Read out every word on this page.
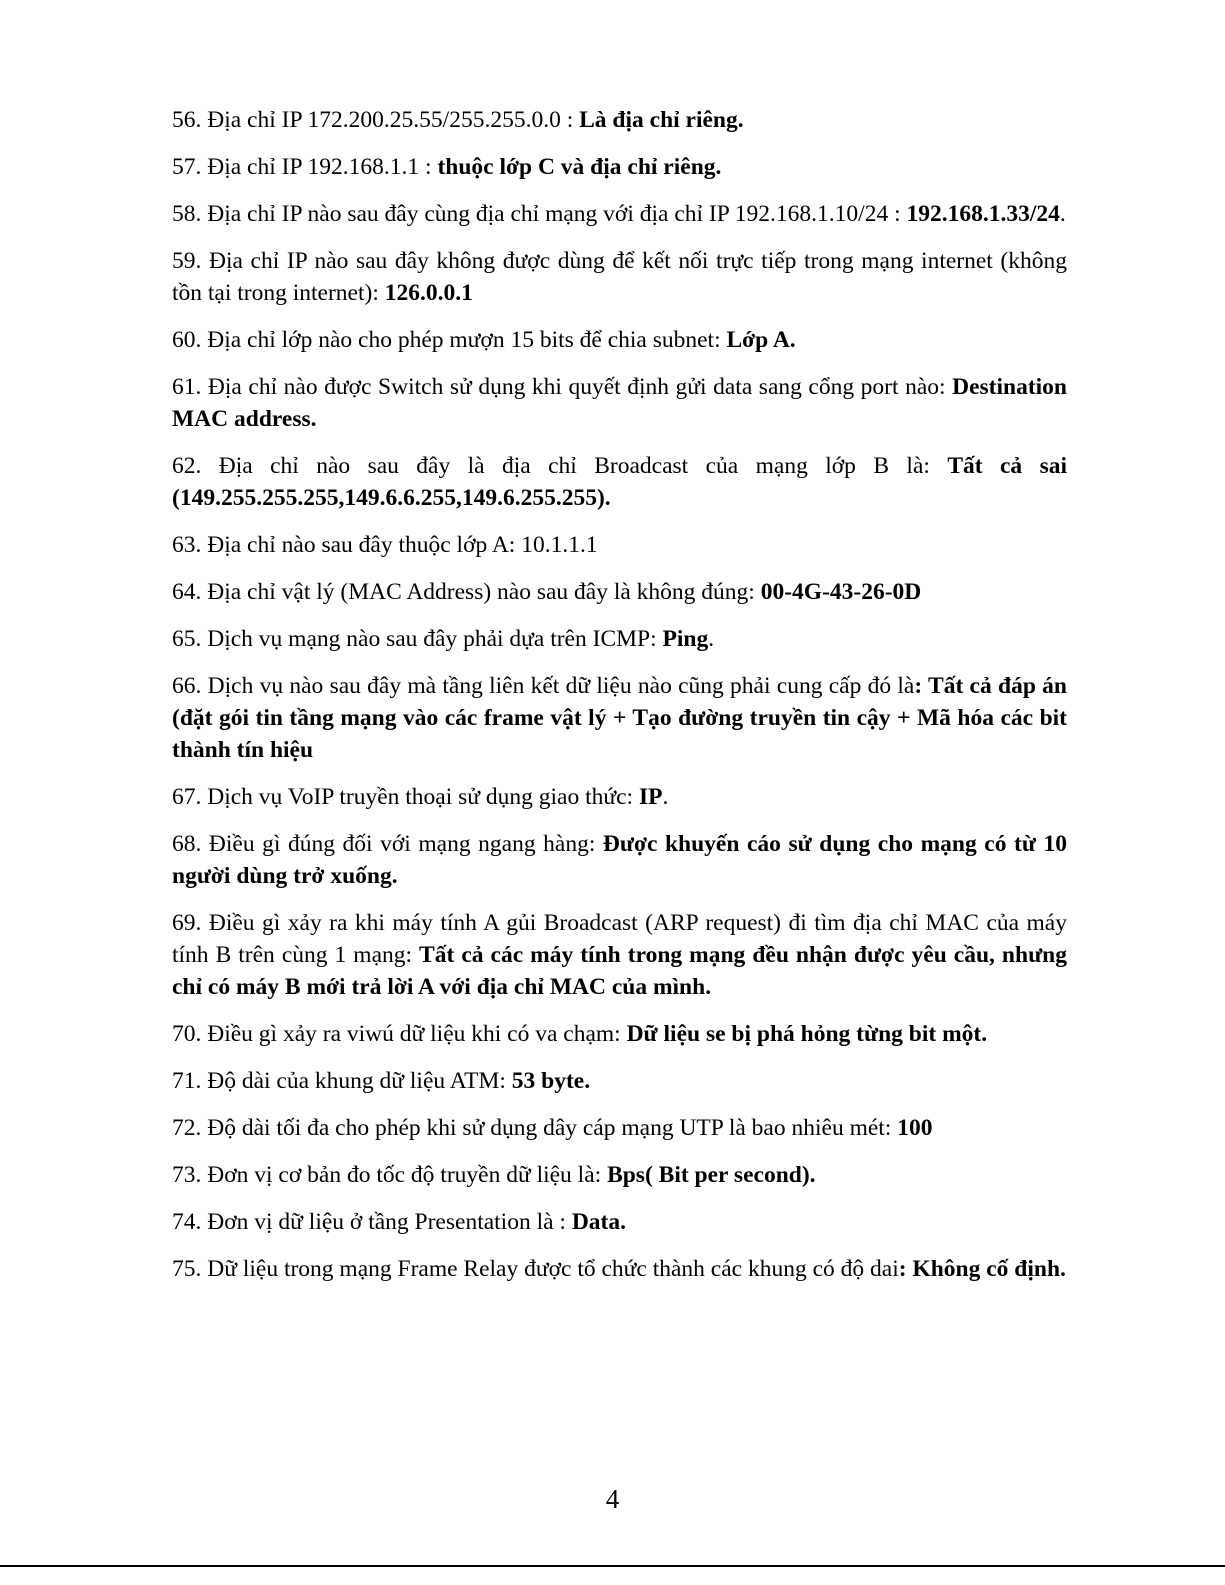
56. Địa chỉ IP 172.200.25.55/255.255.0.0 : Là địa chỉ riêng.

57. Địa chỉ IP 192.168.1.1 : thuộc lớp C và địa chỉ riêng.

58. Địa chỉ IP nào sau đây cùng địa chỉ mạng với địa chỉ IP 192.168.1.10/24 : 192.168.1.33/24.

59. Địa chỉ IP nào sau đây không được dùng để kết nối trực tiếp trong mạng internet (không tồn tại trong internet): 126.0.0.1

60. Địa chỉ lớp nào cho phép mượn 15 bits để chia subnet: Lớp A.

61. Địa chỉ nào được Switch sử dụng khi quyết định gửi data sang cổng port nào: Destination MAC address.

62. Địa chỉ nào sau đây là địa chỉ Broadcast của mạng lớp B là: Tất cả sai (149.255.255.255,149.6.6.255,149.6.255.255).

63. Địa chỉ nào sau đây thuộc lớp A: 10.1.1.1

64. Địa chỉ vật lý (MAC Address) nào sau đây là không đúng: 00-4G-43-26-0D

65. Dịch vụ mạng nào sau đây phải dựa trên ICMP: Ping.

66. Dịch vụ nào sau đây mà tầng liên kết dữ liệu nào cũng phải cung cấp đó là: Tất cả đáp án (đặt gói tin tầng mạng vào các frame vật lý + Tạo đường truyền tin cậy + Mã hóa các bit thành tín hiệu

67. Dịch vụ VoIP truyền thoại sử dụng giao thức: IP.

68. Điều gì đúng đối với mạng ngang hàng: Được khuyến cáo sử dụng cho mạng có từ 10 người dùng trở xuống.

69. Điều gì xảy ra khi máy tính A gủi Broadcast (ARP request) đi tìm địa chỉ MAC của máy tính B trên cùng 1 mạng: Tất cả các máy tính trong mạng đều nhận được yêu cầu, nhưng chỉ có máy B mới trả lời A với địa chỉ MAC của mình.

70. Điều gì xảy ra viwú dữ liệu khi có va chạm: Dữ liệu se bị phá hỏng từng bit một.

71. Độ dài của khung dữ liệu ATM: 53 byte.

72. Độ dài tối đa cho phép khi sử dụng dây cáp mạng UTP là bao nhiêu mét: 100

73. Đơn vị cơ bản đo tốc độ truyền dữ liệu là: Bps( Bit per second).

74. Đơn vị dữ liệu ở tầng Presentation là : Data.

75. Dữ liệu trong mạng Frame Relay được tổ chức thành các khung có độ dai: Không cố định.

4
